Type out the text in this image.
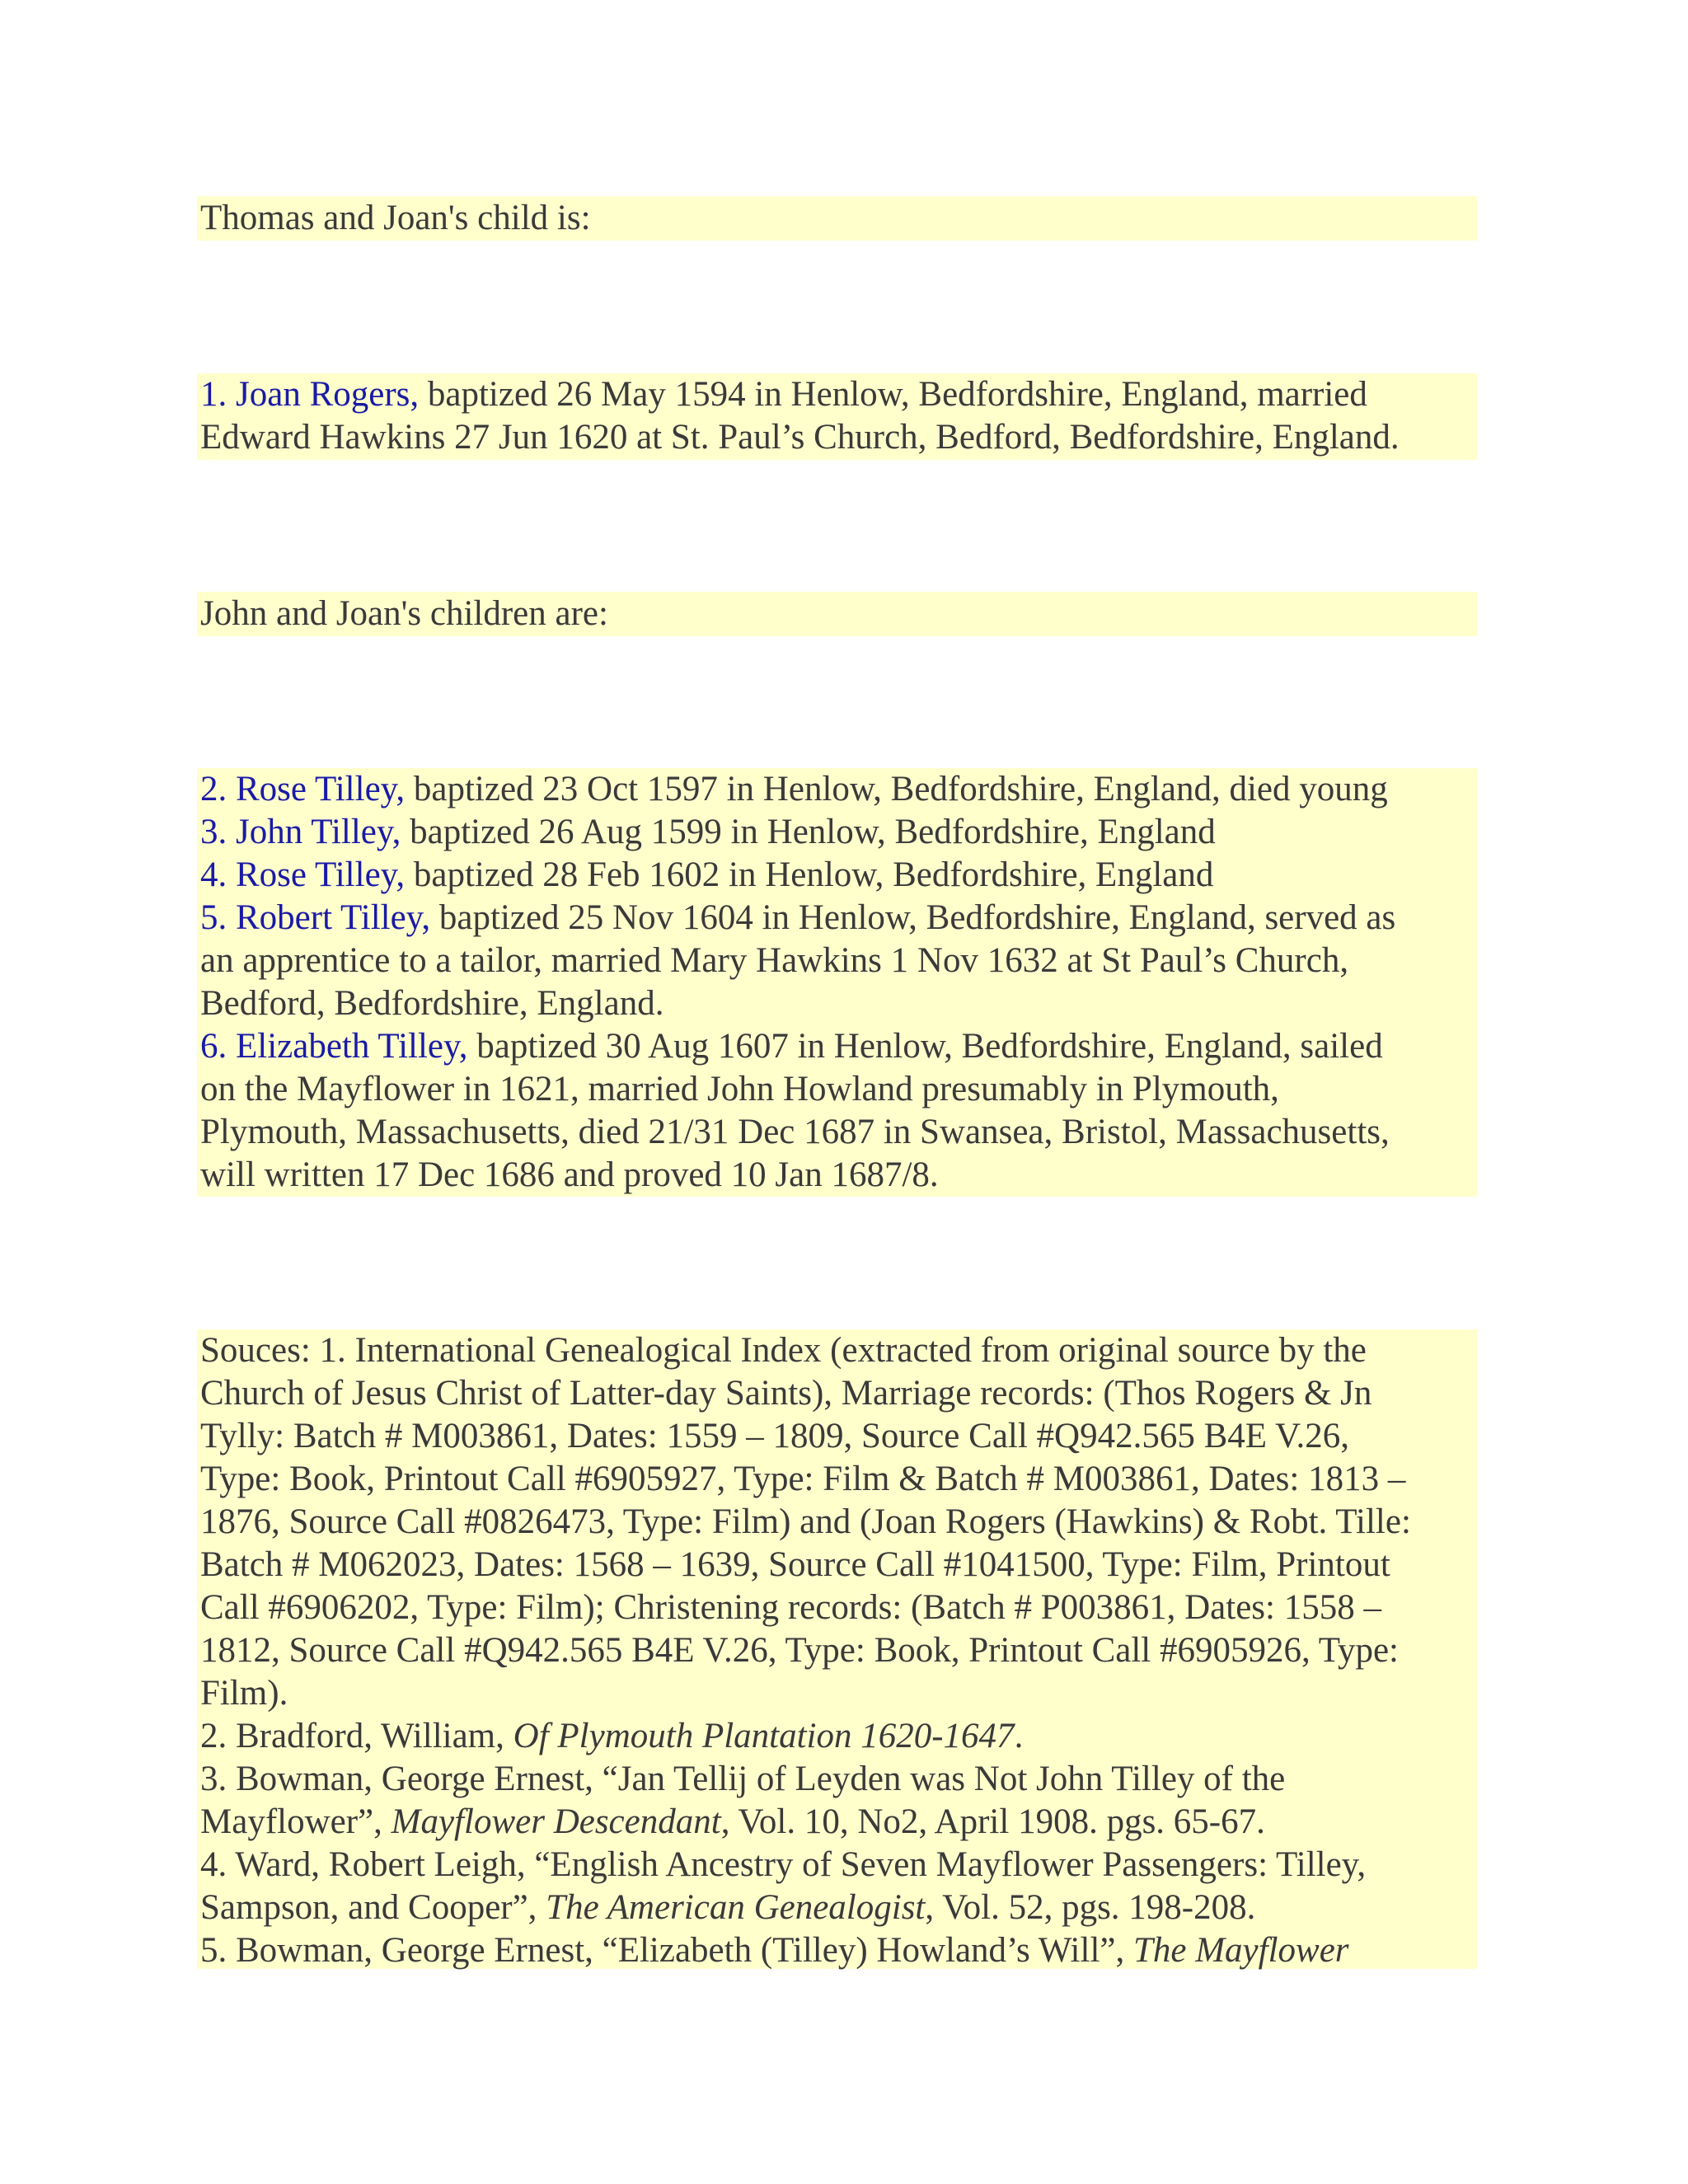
Thomas and Joan's child is:
1. Joan Rogers, baptized 26 May 1594 in Henlow, Bedfordshire, England, married
Edward Hawkins 27 Jun 1620 at St. Paul’s Church, Bedford, Bedfordshire, England.
John and Joan's children are:
2. Rose Tilley, baptized 23 Oct 1597 in Henlow, Bedfordshire, England, died young
3. John Tilley, baptized 26 Aug 1599 in Henlow, Bedfordshire, England
4. Rose Tilley, baptized 28 Feb 1602 in Henlow, Bedfordshire, England
5. Robert Tilley, baptized 25 Nov 1604 in Henlow, Bedfordshire, England, served as
an apprentice to a tailor, married Mary Hawkins 1 Nov 1632 at St Paul’s Church,
Bedford, Bedfordshire, England.
6. Elizabeth Tilley, baptized 30 Aug 1607 in Henlow, Bedfordshire, England, sailed
on the Mayflower in 1621, married John Howland presumably in Plymouth,
Plymouth, Massachusetts, died 21/31 Dec 1687 in Swansea, Bristol, Massachusetts,
will written 17 Dec 1686 and proved 10 Jan 1687/8.
Souces: 1. International Genealogical Index (extracted from original source by the
Church of Jesus Christ of Latter-day Saints), Marriage records: (Thos Rogers & Jn
Tylly: Batch # M003861, Dates: 1559 – 1809, Source Call #Q942.565 B4E V.26,
Type: Book, Printout Call #6905927, Type: Film & Batch # M003861, Dates: 1813 –
1876, Source Call #0826473, Type: Film) and (Joan Rogers (Hawkins) & Robt. Tille:
Batch # M062023, Dates: 1568 – 1639, Source Call #1041500, Type: Film, Printout
Call #6906202, Type: Film); Christening records: (Batch # P003861, Dates: 1558 –
1812, Source Call #Q942.565 B4E V.26, Type: Book, Printout Call #6905926, Type:
Film).
2. Bradford, William, Of Plymouth Plantation 1620-1647.
3. Bowman, George Ernest, “Jan Tellij of Leyden was Not John Tilley of the
Mayflower”, Mayflower Descendant, Vol. 10, No2, April 1908. pgs. 65-67.
4. Ward, Robert Leigh, “English Ancestry of Seven Mayflower Passengers: Tilley,
Sampson, and Cooper”, The American Genealogist, Vol. 52, pgs. 198-208.
5. Bowman, George Ernest, “Elizabeth (Tilley) Howland’s Will”, The Mayflower
